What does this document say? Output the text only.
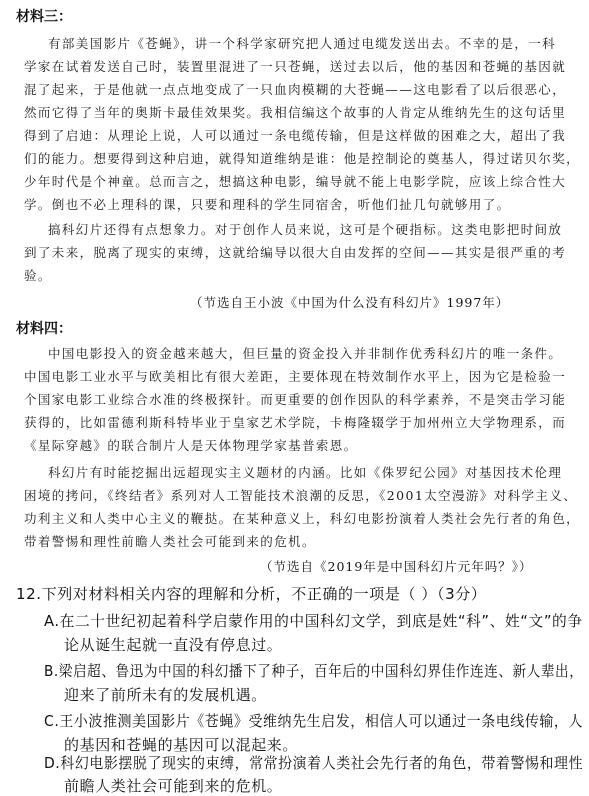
材料三：
有部美国影片《苍蝇》，讲一个科学家研究把人通过电缆发送出去。不幸的是，一科
学家在试着发送自己时，装置里混进了一只苍蝇，送过去以后，他的基因和苍蝇的基因就
混了起来，于是他就一点点地变成了一只血肉模糊的大苍蝇——这电影看了以后很恶心，
然而它得了当年的奥斯卡最佳效果奖。我相信编这个故事的人肯定从维纳先生的这句话里
得到了启迪：从理论上说，人可以通过一条电缆传输，但是这样做的困难之大，超出了我
们的能力。想要得到这种启迪，就得知道维纳是谁：他是控制论的奠基人，得过诺贝尔奖，
少年时代是个神童。总而言之，想搞这种电影，编导就不能上电影学院，应该上综合性大
学。倒也不必上理科的课，只要和理科的学生同宿舍，听他们扯几句就够用了。
搞科幻片还得有点想象力。对于创作人员来说，这可是个硬指标。这类电影把时间放
到了未来，脱离了现实的束缚，这就给编导以很大自由发挥的空间——其实是很严重的考
验。
（节选自王小波《中国为什么没有科幻片》1997年）
材料四：
中国电影投入的资金越来越大，但巨量的资金投入并非制作优秀科幻片的唯一条件。
中国电影工业水平与欧美相比有很大差距，主要体现在特效制作水平上，因为它是检验一
个国家电影工业综合水准的终极探针。而更重要的创作因队的科学素养，不是突击学习能
获得的，比如雷德利斯科特毕业于皇家艺术学院，卡梅隆辍学于加州州立大学物理系，而
《星际穿越》的联合制片人是天体物理学家基普索恩。
科幻片有时能挖掘出远超现实主义题材的内涵。比如《侏罗纪公园》对基因技术伦理
困境的拷问，《终结者》系列对人工智能技术浪潮的反思，《2001太空漫游》对科学主义、
功利主义和人类中心主义的鞭挞。在某种意义上，科幻电影扮演着人类社会先行者的角色，
带着警惕和理性前瞻人类社会可能到来的危机。
（节选自《2019年是中国科幻片元年吗？》）
12.下列对材料相关内容的理解和分析，不正确的一项是（ ）（3分）
A.在二十世纪初起着科学启蒙作用的中国科幻文学，到底是姓“科”、姓“文”的争
论从诞生起就一直没有停息过。
B.梁启超、鲁迅为中国的科幻播下了种子，百年后的中国科幻界佳作连连、新人辈出，
迎来了前所未有的发展机遇。
C.王小波推测美国影片《苍蝇》受维纳先生启发，相信人可以通过一条电线传输，人
的基因和苍蝇的基因可以混起来。
D.科幻电影摆脱了现实的束缚，常常扮演着人类社会先行者的角色，带着警惕和理性
前瞻人类社会可能到来的危机。
